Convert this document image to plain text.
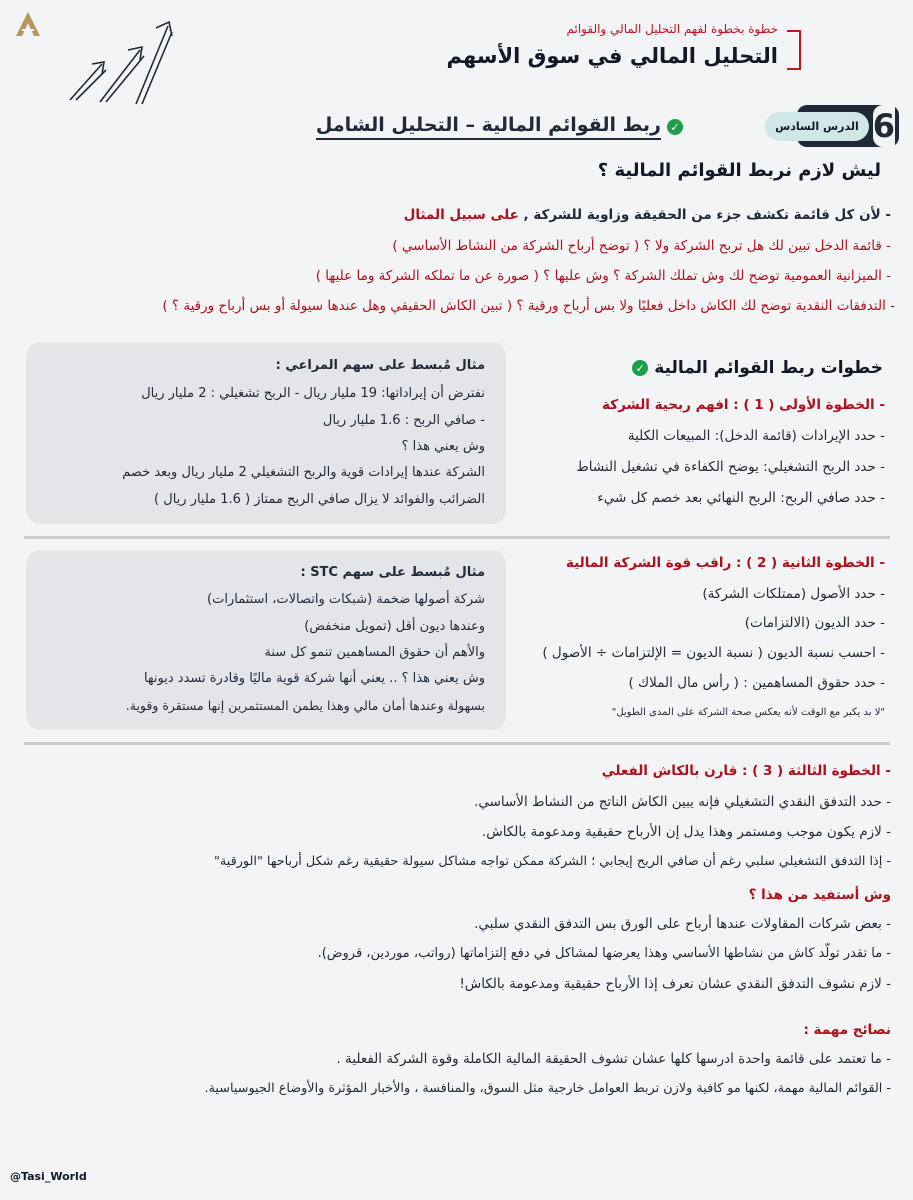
خطوة بخطوة لفهم التحليل المالي والقوائم
التحليل المالي في سوق الأسهم
6
الدرس السادس
✓
ربط القوائم المالية – التحليل الشامل
ليش لازم نربط القوائم المالية ؟
- لأن كل قائمة تكشف جزء من الحقيقة وزاوية للشركة , على سبيل المثال
- قائمة الدخل تبين لك هل تربح الشركة ولا ؟ ( توضح أرباح الشركة من النشاط الأساسي )
- الميزانية العمومية توضح لك وش تملك الشركة ؟ وش عليها ؟ ( صورة عن ما تملكه الشركة وما عليها )
- التدفقات النقدية توضح لك الكاش داخل فعليًا ولا بس أرباح ورقية ؟ ( تبين الكاش الحقيقي وهل عندها سيولة أو بس أرباح ورقية ؟ )
مثال مُبسط على سهم المراعي :
نفترض أن إيراداتها: 19 مليار ريال - الربح تشغيلي : 2 مليار ريال
- صافي الربح : 1.6 مليار ريال
وش يعني هذا ؟
الشركة عندها إيرادات قوية والربح التشغيلي 2 مليار ريال وبعد خصم
الضرائب والفوائد لا يزال صافي الربح ممتاز ( 1.6 مليار ريال )
خطوات ربط القوائم المالية
✓
- الخطوة الأولى ( 1 ) : افهم ربحية الشركة
- حدد الإيرادات (قائمة الدخل): المبيعات الكلية
- حدد الربح التشغيلي: يوضح الكفاءة في تشغيل النشاط
- حدد صافي الربح: الربح النهائي بعد خصم كل شيء
مثال مُبسط على سهم STC :
شركة أصولها ضخمة (شبكات واتصالات، استثمارات)
وعندها ديون أقل (تمويل منخفض)
والأهم أن حقوق المساهمين تنمو كل سنة
وش يعني هذا ؟ .. يعني أنها شركة قوية ماليًا وقادرة تسدد ديونها
بسهولة وعندها أمان مالي وهذا يطمن المستثمرين إنها مستقرة وقوية.
- الخطوة الثانية ( 2 ) : راقب قوة الشركة المالية
- حدد الأصول (ممتلكات الشركة)
- حدد الديون (الالتزامات)
- احسب نسبة الديون ( نسبة الديون = الإلتزامات ÷ الأصول )
- حدد حقوق المساهمين : ( رأس مال الملاك )
"لا بد يكبر مع الوقت لأنه يعكس صحة الشركة على المدى الطويل"
- الخطوة الثالثة ( 3 ) : قارن بالكاش الفعلي
- حدد التدفق النقدي التشغيلي فإنه يبين الكاش الناتج من النشاط الأساسي.
- لازم يكون موجب ومستمر وهذا يدل إن الأرباح حقيقية ومدعومة بالكاش.
- إذا التدفق التشغيلي سلبي رغم أن صافي الربح إيجابي ؛ الشركة ممكن تواجه مشاكل سيولة حقيقية رغم شكل أرباحها "الورقية"
وش أستفيد من هذا ؟
- بعض شركات المقاولات عندها أرباح على الورق بس التدفق النقدي سلبي.
- ما تقدر تولّد كاش من نشاطها الأساسي وهذا يعرضها لمشاكل في دفع إلتزاماتها (رواتب، موردين، قروض).
- لازم نشوف التدفق النقدي عشان نعرف إذا الأرباح حقيقية ومدعومة بالكاش!
نصائح مهمة :
- ما تعتمد على قائمة واحدة ادرسها كلها عشان تشوف الحقيقة المالية الكاملة وقوة الشركة الفعلية .
- القوائم المالية مهمة، لكنها مو كافية ولازن تربط العوامل خارجية مثل السوق، والمنافسة ، والأخبار المؤثرة والأوضاع الجيوسياسية.
@Tasi_World
